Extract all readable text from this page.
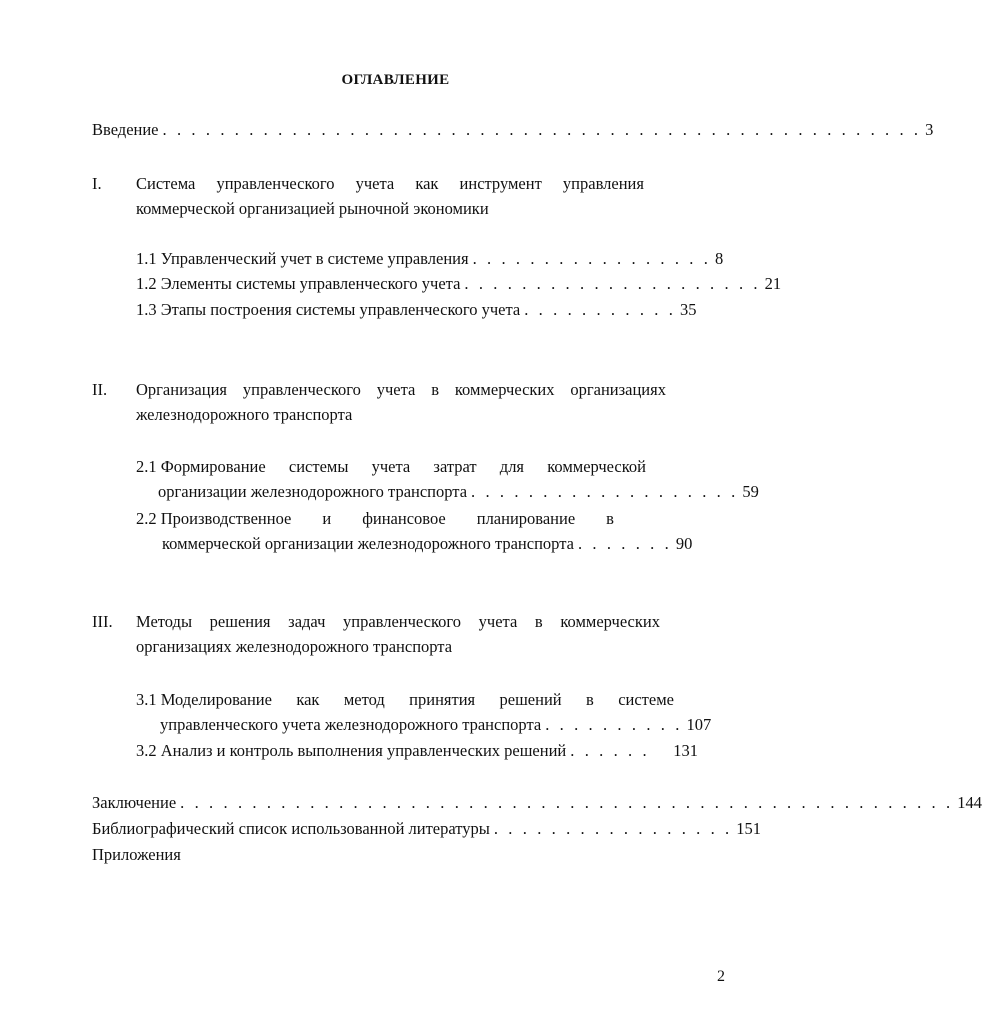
ОГЛАВЛЕНИЕ
Введение . . . . . . . . . . . . . . . . . . . . . . . . . . . . . . . . . . . . . . . . . . . . . . . . . . . . . 3
I. Система управленческого учета как инструмент управления
коммерческой организацией рыночной экономики
1.1 Управленческий учет в системе управления . . . . . . . . . . . . . . . . . 8
1.2 Элементы системы управленческого учета . . . . . . . . . . . . . . . . . . . . . 21
1.3 Этапы построения системы управленческого учета . . . . . . . . . . . 35
II. Организация управленческого учета в коммерческих организациях
железнодорожного транспорта
2.1 Формирование системы учета затрат для коммерческой
организации железнодорожного транспорта . . . . . . . . . . . . . . . . . . . 59
2.2 Производственное и финансовое планирование в
коммерческой организации железнодорожного транспорта . . . . . . . 90
III. Методы решения задач управленческого учета в коммерческих
организациях железнодорожного транспорта
3.1 Моделирование как метод принятия решений в системе
управленческого учета железнодорожного транспорта . . . . . . . . . . 107
3.2 Анализ и контроль выполнения управленческих решений . . . . . .	131
Заключение . . . . . . . . . . . . . . . . . . . . . . . . . . . . . . . . . . . . . . . . . . . . . . . . . . . . . . 144
Библиографический список использованной литературы . . . . . . . . . . . . . . . . . 151
Приложения
2
